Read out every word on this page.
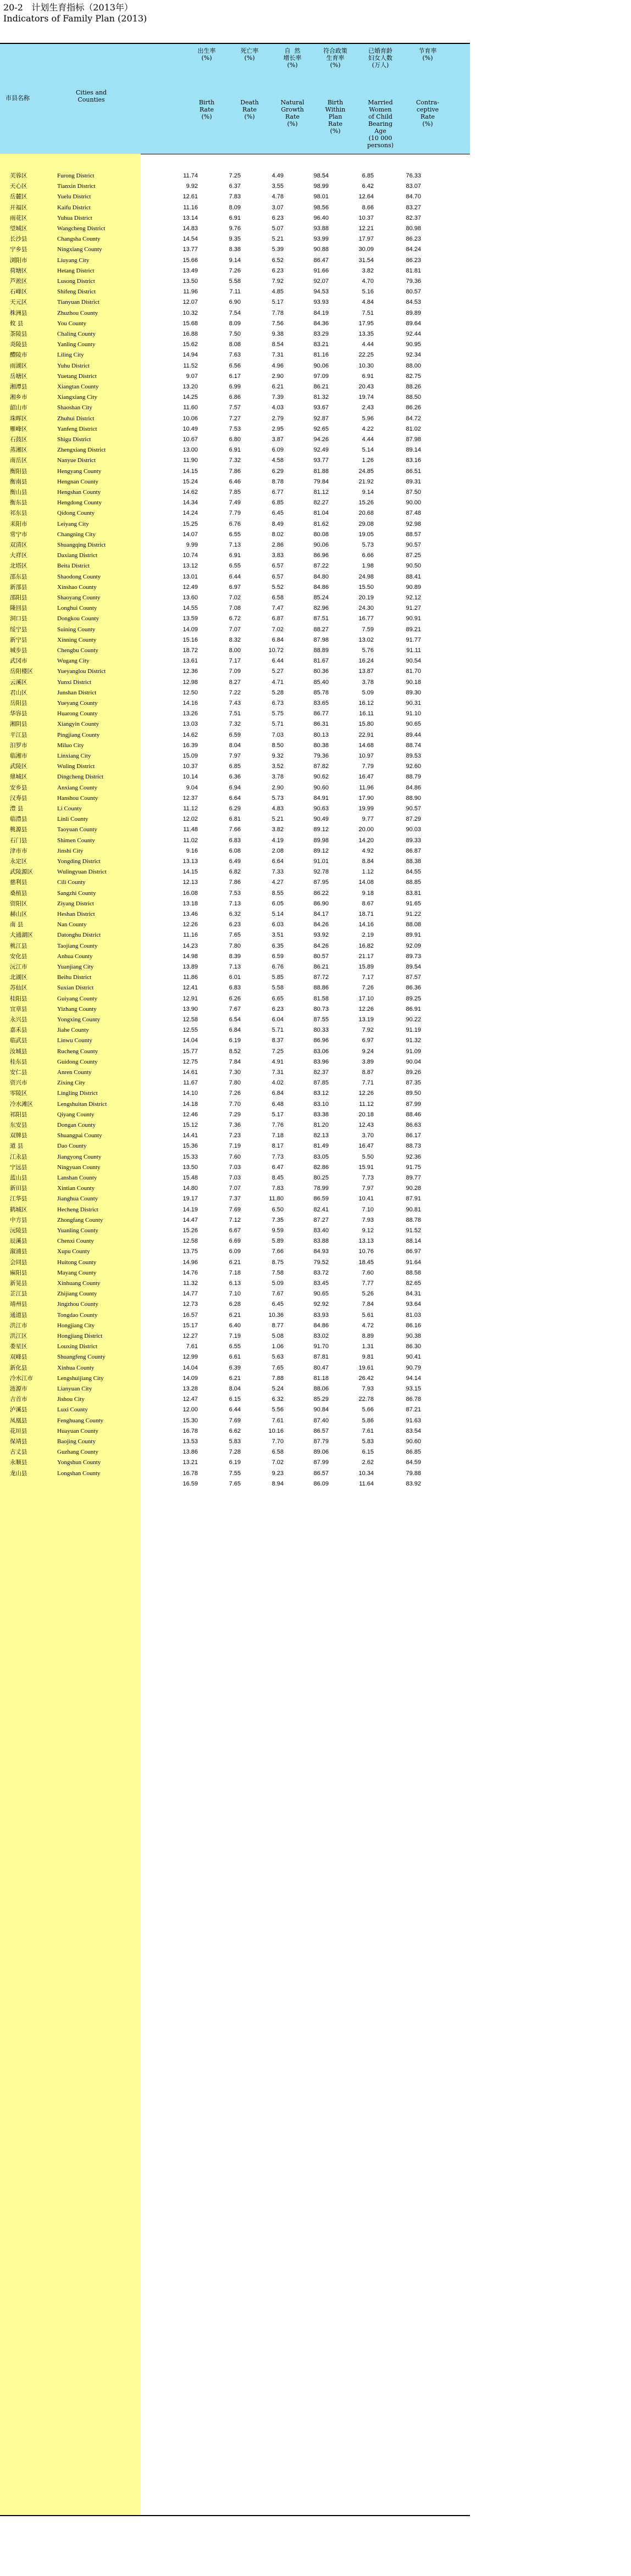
20-2   计划生育指标（2013年）
Indicators of Family Plan (2013)
市县名称
Cities and
Counties
出生率
(%)
Birth
Rate
(%)
死亡率
(%)
Death
Rate
(%)
自  然
增长率
(%)
Natural
Growth
Rate
(%)
符合政策
生育率
(%)
Birth
Within
Plan
Rate
(%)
已婚育龄
妇女人数
(万人)
Married
Women
of Child
Bearing
Age
(10 000
persons)
节育率
(%)
Contra-
ceptive
Rate
(%)
芙蓉区	Furong District	11.74	7.25	4.49	98.54	6.85	76.33
天心区	Tianxin District	9.92	6.37	3.55	98.99	6.42	83.07
岳麓区	Yuelu District	12.61	7.83	4.78	98.01	12.64	84.70
开福区	Kaifu District	11.16	8.09	3.07	98.56	8.66	83.27
雨花区	Yuhua District	13.14	6.91	6.23	96.40	10.37	82.37
望城区	Wangcheng District	14.83	9.76	5.07	93.88	12.21	80.98
长沙县	Changsha County	14.54	9.35	5.21	93.99	17.97	86.23
宁乡县	Ningxiang County	13.77	8.38	5.39	90.88	30.09	84.24
浏阳市	Liuyang City	15.66	9.14	6.52	86.47	31.54	86.23
荷塘区	Hetang District	13.49	7.26	6.23	91.66	3.82	81.81
芦淞区	Lusong District	13.50	5.58	7.92	92.07	4.70	79.36
石峰区	Shifeng District	11.96	7.11	4.85	94.53	5.16	80.57
天元区	Tianyuan District	12.07	6.90	5.17	93.93	4.84	84.53
株洲县	Zhuzhou County	10.32	7.54	7.78	84.19	7.51	89.89
攸 县	You County	15.68	8.09	7.56	84.36	17.95	89.64
茶陵县	Chaling County	16.88	7.50	9.38	83.29	13.35	92.44
炎陵县	Yanling County	15.62	8.08	8.54	83.21	4.44	90.95
醴陵市	Liling City	14.94	7.63	7.31	81.16	22.25	92.34
雨湖区	Yuhu District	11.52	6.56	4.96	90.06	10.30	88.00
岳塘区	Yuetang District	9.07	6.17	2.90	97.09	6.91	82.75
湘潭县	Xiangtan County	13.20	6.99	6.21	86.21	20.43	88.26
湘乡市	Xiangxiang City	14.25	6.86	7.39	81.32	19.74	88.50
韶山市	Shaoshan City	11.60	7.57	4.03	93.67	2.43	86.26
珠晖区	Zhuhui District	10.06	7.27	2.79	92.87	5.96	84.72
雁峰区	Yanfeng District	10.49	7.53	2.95	92.65	4.22	81.02
石鼓区	Shigu District	10.67	6.80	3.87	94.26	4.44	87.98
蒸湘区	Zhengxiang District	13.00	6.91	6.09	92.49	5.14	89.14
南岳区	Nanyue District	11.90	7.32	4.58	93.77	1.26	83.16
衡阳县	Hengyang County	14.15	7.86	6.29	81.88	24.85	86.51
衡南县	Hengnan County	15.24	6.46	8.78	79.84	21.92	89.31
衡山县	Hengshan County	14.62	7.85	6.77	81.12	9.14	87.50
衡东县	Hengdong County	14.34	7.49	6.85	82.27	15.26	90.00
祁东县	Qidong County	14.24	7.79	6.45	81.04	20.68	87.48
耒阳市	Leiyang City	15.25	6.76	8.49	81.62	29.08	92.98
常宁市	Changning City	14.07	6.55	8.02	80.08	19.05	88.57
双清区	Shuangqing District	9.99	7.13	2.86	90.06	5.73	90.57
大祥区	Daxiang District	10.74	6.91	3.83	86.96	6.66	87.25
北塔区	Beita District	13.12	6.55	6.57	87.22	1.98	90.50
邵东县	Shaodong County	13.01	6.44	6.57	84.80	24.98	88.41
新邵县	Xinshao County	12.49	6.97	5.52	84.86	15.50	90.89
邵阳县	Shaoyang County	13.60	7.02	6.58	85.24	20.19	92.12
隆回县	Longhui County	14.55	7.08	7.47	82.96	24.30	91.27
洞口县	Dongkou County	13.59	6.72	6.87	87.51	16.77	90.91
绥宁县	Suining County	14.09	7.07	7.02	88.27	7.59	89.21
新宁县	Xinning County	15.16	8.32	6.84	87.98	13.02	91.77
城步县	Chengbu County	18.72	8.00	10.72	88.89	5.76	91.11
武冈市	Wugang City	13.61	7.17	6.44	81.67	16.24	90.54
岳阳楼区	Yueyanglou District	12.36	7.09	5.27	80.36	13.87	81.70
云溪区	Yunxi District	12.98	8.27	4.71	85.40	3.78	90.18
君山区	Junshan District	12.50	7.22	5.28	85.78	5.09	89.30
岳阳县	Yueyang County	14.16	7.43	6.73	83.65	16.12	90.31
华容县	Huarong County	13.26	7.51	5.75	86.77	16.11	91.10
湘阴县	Xiangyin County	13.03	7.32	5.71	86.31	15.80	90.65
平江县	Pingjiang County	14.62	6.59	7.03	80.13	22.91	89.44
汨罗市	Miluo City	16.39	8.04	8.50	80.38	14.68	88.74
临湘市	Linxiang City	15.09	7.97	9.32	79.36	10.97	89.53
武陵区	Wuling District	10.37	6.85	3.52	87.82	7.79	92.60
鼎城区	Dingcheng District	10.14	6.36	3.78	90.62	16.47	88.79
安乡县	Anxiang County	9.04	6.94	2.90	90.60	11.96	84.86
汉寿县	Hanshou County	12.37	6.64	5.73	84.91	17.90	88.90
澧 县	Li County	11.12	6.29	4.83	90.63	19.99	90.57
临澧县	Linli County	12.02	6.81	5.21	90.49	9.77	87.29
桃源县	Taoyuan County	11.48	7.66	3.82	89.12	20.00	90.03
石门县	Shimen County	11.02	6.83	4.19	89.98	14.20	89.33
津市市	Jinshi City	9.16	6.08	2.08	89.12	4.92	86.87
永定区	Yongding District	13.13	6.49	6.64	91.01	8.84	88.38
武陵源区	Wulingyuan District	14.15	6.82	7.33	92.78	1.12	84.55
慈利县	Cili County	12.13	7.86	4.27	87.95	14.08	88.85
桑植县	Sangzhi County	16.08	7.53	8.55	86.22	9.18	83.81
资阳区	Ziyang District	13.18	7.13	6.05	86.90	8.67	91.65
赫山区	Heshan District	13.46	6.32	5.14	84.17	18.71	91.22
南 县	Nan County	12.26	6.23	6.03	84.26	14.16	88.08
大通湖区	Datonghu District	11.16	7.65	3.51	93.92	2.19	89.91
桃江县	Taojiang County	14.23	7.80	6.35	84.26	16.82	92.09
安化县	Anhua County	14.98	8.39	6.59	80.57	21.17	89.73
沅江市	Yuanjiang City	13.89	7.13	6.76	86.21	15.89	89.54
北湖区	Beihu District	11.86	6.01	5.85	87.72	7.17	87.57
苏仙区	Suxian District	12.41	6.83	5.58	88.86	7.26	86.36
桂阳县	Guiyang County	12.91	6.26	6.65	81.58	17.10	89.25
宜章县	Yizhang County	13.90	7.67	6.23	80.73	12.26	86.91
永兴县	Yongxing County	12.58	6.54	6.04	87.55	13.19	90.22
嘉禾县	Jiahe County	12.55	6.84	5.71	80.33	7.92	91.19
临武县	Linwu County	14.04	6.19	8.37	86.96	6.97	91.32
汝城县	Rucheng County	15.77	8.52	7.25	83.06	9.24	91.09
桂东县	Guidong County	12.75	7.84	4.91	83.96	3.89	90.04
安仁县	Anren County	14.61	7.30	7.31	82.37	8.87	89.26
资兴市	Zixing City	11.67	7.80	4.02	87.85	7.71	87.35
零陵区	Lingling District	14.10	7.26	6.84	83.12	12.26	89.50
冷水滩区	Lengshuitan District	14.18	7.70	6.48	83.10	11.12	87.99
祁阳县	Qiyang County	12.46	7.29	5.17	83.38	20.18	88.46
东安县	Dongan County	15.12	7.36	7.76	81.20	12.43	86.63
双牌县	Shuangpai County	14.41	7.23	7.18	82.13	3.70	86.17
道 县	Dao County	15.36	7.19	8.17	81.49	16.47	88.73
江永县	Jiangyong County	15.33	7.60	7.73	83.05	5.50	92.36
宁远县	Ningyuan County	13.50	7.03	6.47	82.86	15.91	91.75
蓝山县	Lanshan County	15.48	7.03	8.45	80.25	7.73	89.77
新田县	Xintian County	14.80	7.07	7.83	78.99	7.97	90.28
江华县	Jianghua County	19.17	7.37	11.80	86.59	10.41	87.91
鹤城区	Hecheng District	14.19	7.69	6.50	82.41	7.10	90.81
中方县	Zhongfang County	14.47	7.12	7.35	87.27	7.93	88.78
沅陵县	Yuanling County	15.26	6.67	9.59	83.40	9.12	91.52
辰溪县	Chenxi County	12.58	6.69	5.89	83.88	13.13	88.14
溆浦县	Xupu County	13.75	6.09	7.66	84.93	10.76	86.97
会同县	Huitong County	14.96	6.21	8.75	79.52	18.45	91.64
麻阳县	Mayang County	14.76	7.18	7.58	83.72	7.60	88.58
新晃县	Xinhuang County	11.32	6.13	5.09	83.45	7.77	82.65
芷江县	Zhijiang County	14.77	7.10	7.67	90.65	5.26	84.31
靖州县	Jingzhou County	12.73	6.28	6.45	92.92	7.84	93.64
通道县	Tongdao County	16.57	6.21	10.36	83.93	5.61	81.03
洪江市	Hongjiang City	15.17	6.40	8.77	84.86	4.72	86.16
洪江区	Hongjiang District	12.27	7.19	5.08	83.02	8.89	90.38
娄星区	Louxing District	7.61	6.55	1.06	91.70	1.31	86.30
双峰县	Shuangfeng County	12.99	6.61	5.63	87.81	9.81	90.41
新化县	Xinhua County	14.04	6.39	7.65	80.47	19.61	90.79
冷水江市	Lengshuijiang City	14.09	6.21	7.88	81.18	26.42	94.14
涟源市	Lianyuan City	13.28	8.04	5.24	88.06	7.93	93.15
吉首市	Jishou City	12.47	6.15	6.32	85.29	22.78	86.78
泸溪县	Luxi County	12.00	6.44	5.56	90.84	5.66	87.21
凤凰县	Fenghuang County	15.30	7.69	7.61	87.40	5.86	91.63
花垣县	Huayuan County	16.78	6.62	10.16	86.57	7.61	83.54
保靖县	Baojing County	13.53	5.83	7.70	87.79	5.83	90.60
古丈县	Guzhang County	13.86	7.28	6.58	89.06	6.15	86.85
永顺县	Yongshun County	13.21	6.19	7.02	87.99	2.62	84.59
龙山县	Longshan County	16.78	7.55	9.23	86.57	10.34	79.88
16.59	7.65	8.94	86.09	11.64	83.92
